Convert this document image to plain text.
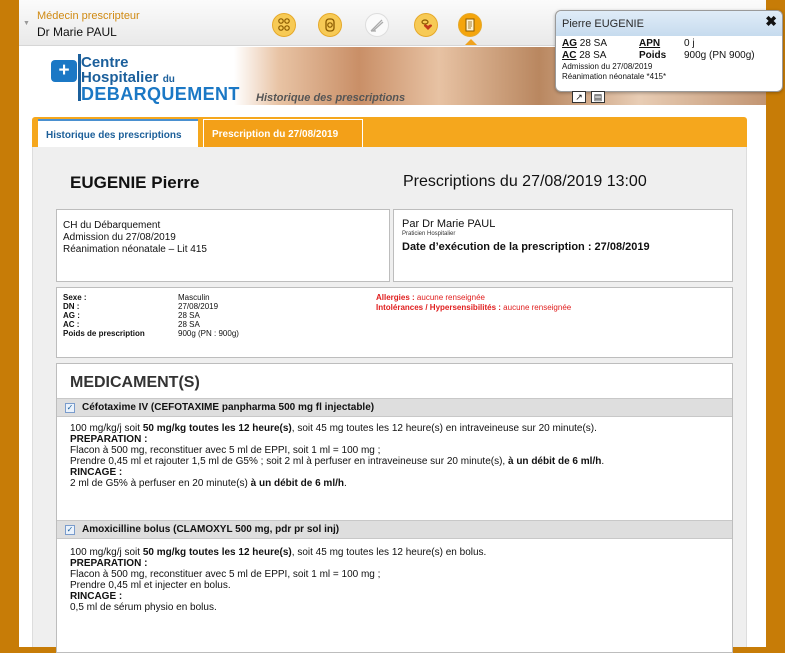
▼
Médecin prescripteur
Dr Marie PAUL
+ Centre
Hospitalier du
DEBARQUEMENT Historique des prescriptions
Pierre EUGENIE	✖
AG 28 SA	APN 0 j
AC 28 SA	Poids 900g (PN 900g)
Admission du 27/08/2019
Réanimation néonatale *415*
↗	▤
Historique des prescriptions	Prescription du 27/08/2019
EUGENIE Pierre	Prescriptions du 27/08/2019 13:00
CH du Débarquement
Admission du 27/08/2019
Réanimation néonatale – Lit 415
Par Dr Marie PAUL
Praticien Hospitalier
Date d’exécution de la prescription : 27/08/2019
Sexe :	Masculin
DN :	27/08/2019
AG :	28 SA
AC :	28 SA
Poids de prescription	900g (PN : 900g)
Allergies : aucune renseignée
Intolérances / Hypersensibilités : aucune renseignée
MEDICAMENT(S)
✓ Céfotaxime IV (CEFOTAXIME panpharma 500 mg fl injectable)
100 mg/kg/j soit 50 mg/kg toutes les 12 heure(s), soit 45 mg toutes les 12 heure(s) en intraveineuse sur 20 minute(s).
PREPARATION :
Flacon à 500 mg, reconstituer avec 5 ml de EPPI, soit 1 ml = 100 mg ;
Prendre 0,45 ml et rajouter 1,5 ml de G5% ; soit 2 ml à perfuser en intraveineuse sur 20 minute(s), à un débit de 6 ml/h.
RINCAGE :
2 ml de G5% à perfuser en 20 minute(s) à un débit de 6 ml/h.
✓ Amoxicilline bolus (CLAMOXYL 500 mg, pdr pr sol inj)
100 mg/kg/j soit 50 mg/kg toutes les 12 heure(s), soit 45 mg toutes les 12 heure(s) en bolus.
PREPARATION :
Flacon à 500 mg, reconstituer avec 5 ml de EPPI, soit 1 ml = 100 mg ;
Prendre 0,45 ml et injecter en bolus.
RINCAGE :
0,5 ml de sérum physio en bolus.
